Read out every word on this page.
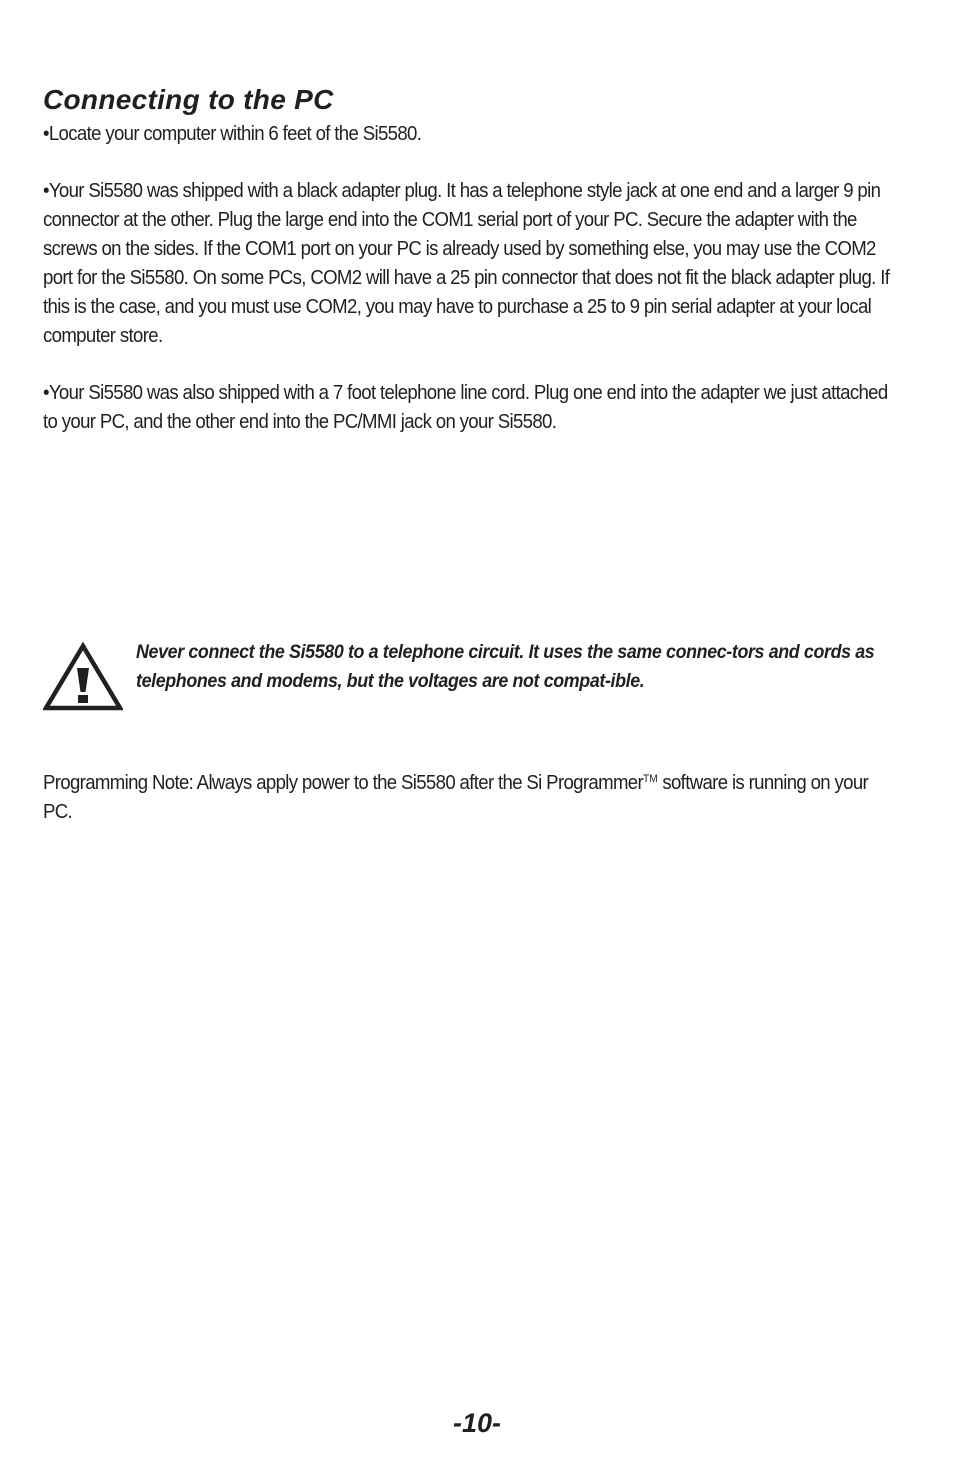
Connecting to the PC

•Locate your computer within 6 feet of the Si5580.

•Your Si5580 was shipped with a black adapter plug. It has a telephone style jack at one end and a larger 9 pin connector at the other. Plug the large end into the COM1 serial port of your PC. Secure the adapter with the screws on the sides. If the COM1 port on your PC is already used by something else, you may use the COM2 port for the Si5580. On some PCs, COM2 will have a 25 pin connector that does not fit the black adapter plug. If this is the case, and you must use COM2, you may have to purchase a 25 to 9 pin serial adapter at your local computer store.

•Your Si5580 was also shipped with a 7 foot telephone line cord. Plug one end into the adapter we just attached to your PC, and the other end into the PC/MMI jack on your Si5580.

Never connect the Si5580 to a telephone circuit. It uses the same connec-tors and cords as telephones and modems, but the voltages are not compat-ible.

Programming Note: Always apply power to the Si5580 after the Si Programmer™ software is running on your PC.

-10-
